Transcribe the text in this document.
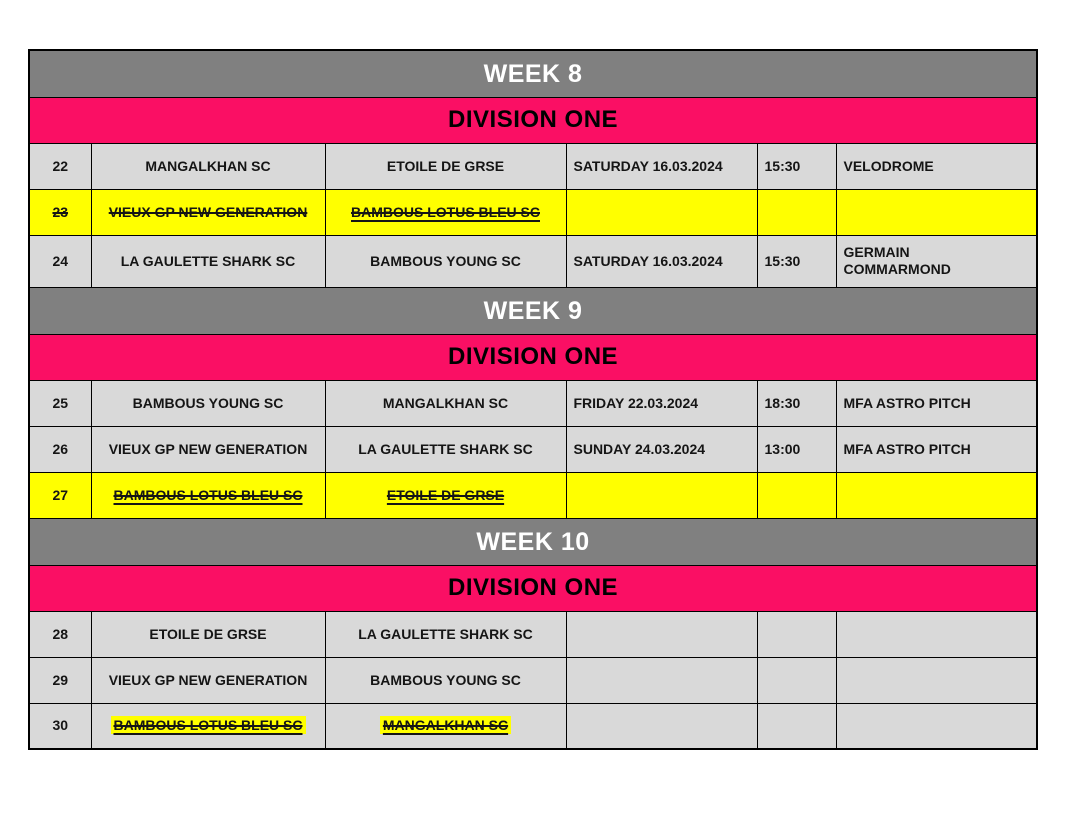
WEEK 8					
DIVISION ONE					
22	MANGALKHAN SC	ETOILE DE GRSE	SATURDAY 16.03.2024	15:30	VELODROME
23	VIEUX GP NEW GENERATION	BAMBOUS LOTUS BLEU SC			
24	LA GAULETTE SHARK SC	BAMBOUS YOUNG SC	SATURDAY 16.03.2024	15:30	GERMAIN COMMARMOND
WEEK 9					
DIVISION ONE					
25	BAMBOUS YOUNG SC	MANGALKHAN SC	FRIDAY 22.03.2024	18:30	MFA ASTRO PITCH
26	VIEUX GP NEW GENERATION	LA GAULETTE SHARK SC	SUNDAY 24.03.2024	13:00	MFA ASTRO PITCH
27	BAMBOUS LOTUS BLEU SC	ETOILE DE GRSE			
WEEK 10					
DIVISION ONE					
28	ETOILE DE GRSE	LA GAULETTE SHARK SC			
29	VIEUX GP NEW GENERATION	BAMBOUS YOUNG SC			
30	BAMBOUS LOTUS BLEU SC	MANGALKHAN SC			
